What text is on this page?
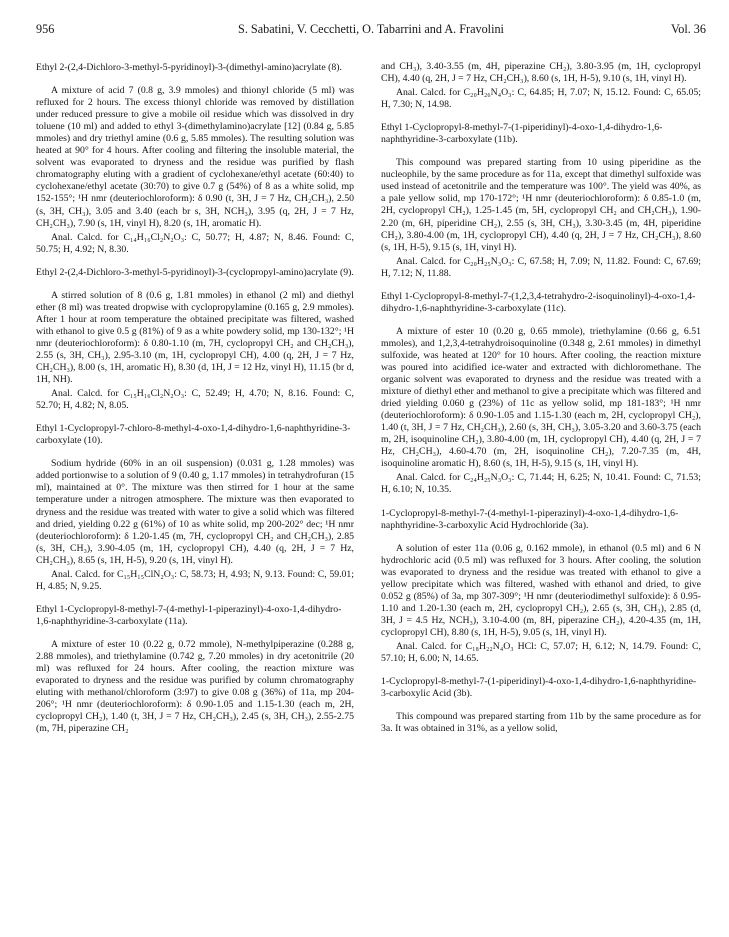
956	S. Sabatini, V. Cecchetti, O. Tabarrini and A. Fravolini	Vol. 36

Ethyl 2-(2,4-Dichloro-3-methyl-5-pyridinoyl)-3-(dimethyl-amino)acrylate (8).

A mixture of acid 7 (0.8 g, 3.9 mmoles) and thionyl chloride (5 ml) was refluxed for 2 hours. The excess thionyl chloride was removed by distillation under reduced pressure to give a mobile oil residue which was dissolved in dry toluene (10 ml) and added to ethyl 3-(dimethylamino)acrylate [12] (0.84 g, 5.85 mmoles) and dry triethyl amine (0.6 g, 5.85 mmoles). The resulting solution was heated at 90° for 4 hours. After cooling and filtering the insoluble material, the solvent was evaporated to dryness and the residue was purified by flash chromatography eluting with a gradient of cyclohexane/ethyl acetate (60:40) to cyclohexane/ethyl acetate (30:70) to give 0.7 g (54%) of 8 as a white solid, mp 152-155°; ¹H nmr (deuteriochloroform): δ 0.90 (t, 3H, J = 7 Hz, CH₂CH₃), 2.50 (s, 3H, CH₃), 3.05 and 3.40 (each br s, 3H, NCH₃), 3.95 (q, 2H, J = 7 Hz, CH₂CH₃), 7.90 (s, 1H, vinyl H), 8.20 (s, 1H, aromatic H).

Anal. Calcd. for C₁₄H₁₆Cl₂N₂O₃: C, 50.77; H, 4.87; N, 8.46. Found: C, 50.75; H, 4.92; N, 8.30.

Ethyl 2-(2,4-Dichloro-3-methyl-5-pyridinoyl)-3-(cyclopropyl-amino)acrylate (9).

A stirred solution of 8 (0.6 g, 1.81 mmoles) in ethanol (2 ml) and diethyl ether (8 ml) was treated dropwise with cyclopropylamine (0.165 g, 2.9 mmoles). After 1 hour at room temperature the obtained precipitate was filtered, washed with ethanol to give 0.5 g (81%) of 9 as a white powdery solid, mp 130-132°; ¹H nmr (deuteriochloroform): δ 0.80-1.10 (m, 7H, cyclopropyl CH₂ and CH₂CH₃), 2.55 (s, 3H, CH₃), 2.95-3.10 (m, 1H, cyclopropyl CH), 4.00 (q, 2H, J = 7 Hz, CH₂CH₃), 8.00 (s, 1H, aromatic H), 8.30 (d, 1H, J = 12 Hz, vinyl H), 11.15 (br d, 1H, NH).

Anal. Calcd. for C₁₅H₁₆Cl₂N₂O₃: C, 52.49; H, 4.70; N, 8.16. Found: C, 52.70; H, 4.82; N, 8.05.

Ethyl 1-Cyclopropyl-7-chloro-8-methyl-4-oxo-1,4-dihydro-1,6-naphthyridine-3-carboxylate (10).

Sodium hydride (60% in an oil suspension) (0.031 g, 1.28 mmoles) was added portionwise to a solution of 9 (0.40 g, 1.17 mmoles) in tetrahydrofuran (15 ml), maintained at 0°. The mixture was then stirred for 1 hour at the same temperature under a nitrogen atmosphere. The mixture was then evaporated to dryness and the residue was treated with water to give a solid which was filtered and dried, yielding 0.22 g (61%) of 10 as white solid, mp 200-202° dec; ¹H nmr (deuteriochloroform): δ 1.20-1.45 (m, 7H, cyclopropyl CH₂ and CH₂CH₃), 2.85 (s, 3H, CH₃), 3.90-4.05 (m, 1H, cyclopropyl CH), 4.40 (q, 2H, J = 7 Hz, CH₂CH₃), 8.65 (s, 1H, H-5), 9.20 (s, 1H, vinyl H).

Anal. Calcd. for C₁₅H₁₅ClN₂O₃: C, 58.73; H, 4.93; N, 9.13. Found: C, 59.01; H, 4.85; N, 9.25.

Ethyl 1-Cyclopropyl-8-methyl-7-(4-methyl-1-piperazinyl)-4-oxo-1,4-dihydro-1,6-naphthyridine-3-carboxylate (11a).

A mixture of ester 10 (0.22 g, 0.72 mmole), N-methylpiperazine (0.288 g, 2.88 mmoles), and triethylamine (0.742 g, 7.20 mmoles) in dry acetonitrile (20 ml) was refluxed for 24 hours. After cooling, the reaction mixture was evaporated to dryness and the residue was purified by column chromatography eluting with methanol/chloroform (3:97) to give 0.08 g (36%) of 11a, mp 204-206°; ¹H nmr (deuteriochloroform): δ 0.90-1.05 and 1.15-1.30 (each m, 2H, cyclopropyl CH₂), 1.40 (t, 3H, J = 7 Hz, CH₂CH₃), 2.45 (s, 3H, CH₃), 2.55-2.75 (m, 7H, piperazine CH₂

and CH₃), 3.40-3.55 (m, 4H, piperazine CH₂), 3.80-3.95 (m, 1H, cyclopropyl CH), 4.40 (q, 2H, J = 7 Hz, CH₂CH₃), 8.60 (s, 1H, H-5), 9.10 (s, 1H, vinyl H).

Anal. Calcd. for C₂₀H₂₆N₄O₃: C, 64.85; H, 7.07; N, 15.12. Found: C, 65.05; H, 7.30; N, 14.98.

Ethyl 1-Cyclopropyl-8-methyl-7-(1-piperidinyl)-4-oxo-1,4-dihydro-1,6-naphthyridine-3-carboxylate (11b).

This compound was prepared starting from 10 using piperidine as the nucleophile, by the same procedure as for 11a, except that dimethyl sulfoxide was used instead of acetonitrile and the temperature was 100°. The yield was 40%, as a pale yellow solid, mp 170-172°; ¹H nmr (deuteriochloroform): δ 0.85-1.0 (m, 2H, cyclopropyl CH₂), 1.25-1.45 (m, 5H, cyclopropyl CH₂ and CH₂CH₃), 1.90-2.20 (m, 6H, piperidine CH₂), 2.55 (s, 3H, CH₃), 3.30-3.45 (m, 4H, piperidine CH₂), 3.80-4.00 (m, 1H, cyclopropyl CH), 4.40 (q, 2H, J = 7 Hz, CH₂CH₃), 8.60 (s, 1H, H-5), 9.15 (s, 1H, vinyl H).

Anal. Calcd. for C₂₀H₂₅N₃O₃: C, 67.58; H, 7.09; N, 11.82. Found: C, 67.69; H, 7.12; N, 11.88.

Ethyl 1-Cyclopropyl-8-methyl-7-(1,2,3,4-tetrahydro-2-isoquinolinyl)-4-oxo-1,4-dihydro-1,6-naphthyridine-3-carboxylate (11c).

A mixture of ester 10 (0.20 g, 0.65 mmole), triethylamine (0.66 g, 6.51 mmoles), and 1,2,3,4-tetrahydroisoquinoline (0.348 g, 2.61 mmoles) in dimethyl sulfoxide, was heated at 120° for 10 hours. After cooling, the reaction mixture was poured into acidified ice-water and extracted with dichloromethane. The organic solvent was evaporated to dryness and the residue was treated with a mixture of diethyl ether and methanol to give a precipitate which was filtered and dried yielding 0.060 g (23%) of 11c as yellow solid, mp 181-183°; ¹H nmr (deuteriochloroform): δ 0.90-1.05 and 1.15-1.30 (each m, 2H, cyclopropyl CH₂), 1.40 (t, 3H, J = 7 Hz, CH₂CH₃), 2.60 (s, 3H, CH₃), 3.05-3.20 and 3.60-3.75 (each m, 2H, isoquinoline CH₂), 3.80-4.00 (m, 1H, cyclopropyl CH), 4.40 (q, 2H, J = 7 Hz, CH₂CH₃), 4.60-4.70 (m, 2H, isoquinoline CH₂), 7.20-7.35 (m, 4H, isoquinoline aromatic H), 8.60 (s, 1H, H-5), 9.15 (s, 1H, vinyl H).

Anal. Calcd. for C₂₄H₂₅N₃O₃: C, 71.44; H, 6.25; N, 10.41. Found: C, 71.53; H, 6.10; N, 10.35.

1-Cyclopropyl-8-methyl-7-(4-methyl-1-piperazinyl)-4-oxo-1,4-dihydro-1,6-naphthyridine-3-carboxylic Acid Hydrochloride (3a).

A solution of ester 11a (0.06 g, 0.162 mmole), in ethanol (0.5 ml) and 6 N hydrochloric acid (0.5 ml) was refluxed for 3 hours. After cooling, the solution was evaporated to dryness and the residue was treated with ethanol to give a yellow precipitate which was filtered, washed with ethanol and dried, to give 0.052 g (85%) of 3a, mp 307-309°; ¹H nmr (deuteriodimethyl sulfoxide): δ 0.95-1.10 and 1.20-1.30 (each m, 2H, cyclopropyl CH₂), 2.65 (s, 3H, CH₃), 2.85 (d, 3H, J = 4.5 Hz, NCH₃), 3.10-4.00 (m, 8H, piperazine CH₂), 4.20-4.35 (m, 1H, cyclopropyl CH), 8.80 (s, 1H, H-5), 9.05 (s, 1H, vinyl H).

Anal. Calcd. for C₁₈H₂₂N₄O₃ HCl: C, 57.07; H, 6.12; N, 14.79. Found: C, 57.10; H, 6.00; N, 14.65.

1-Cyclopropyl-8-methyl-7-(1-piperidinyl)-4-oxo-1,4-dihydro-1,6-naphthyridine-3-carboxylic Acid (3b).

This compound was prepared starting from 11b by the same procedure as for 3a. It was obtained in 31%, as a yellow solid,
